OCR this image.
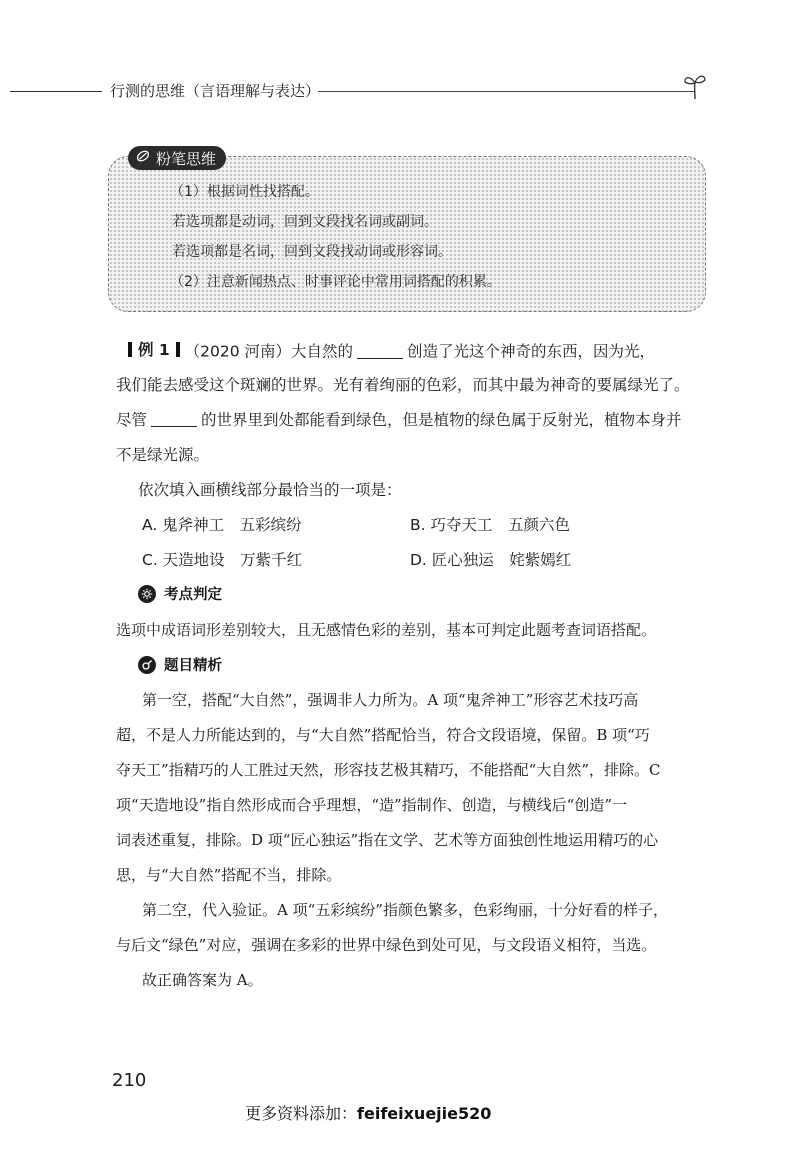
行测的思维（言语理解与表达）
粉笔思维
（1）根据词性找搭配。
若选项都是动词，回到文段找名词或副词。
若选项都是名词，回到文段找动词或形容词。
（2）注意新闻热点、时事评论中常用词搭配的积累。
例 1 （2020 河南）大自然的	创造了光这个神奇的东西，因为光，
我们能去感受这个斑斓的世界。光有着绚丽的色彩，而其中最为神奇的要属绿光了。
尽管	的世界里到处都能看到绿色，但是植物的绿色属于反射光，植物本身并
不是绿光源。
依次填入画横线部分最恰当的一项是：
A. 鬼斧神工　五彩缤纷	B. 巧夺天工　五颜六色
C. 天造地设　万紫千红	D. 匠心独运　姹紫嫣红
考点判定
选项中成语词形差别较大，且无感情色彩的差别，基本可判定此题考查词语搭配。
题目精析
第一空，搭配“大自然”，强调非人力所为。A 项“鬼斧神工”形容艺术技巧高
超，不是人力所能达到的，与“大自然”搭配恰当，符合文段语境，保留。B 项“巧
夺天工”指精巧的人工胜过天然，形容技艺极其精巧，不能搭配“大自然”，排除。C
项“天造地设”指自然形成而合乎理想，“造”指制作、创造，与横线后“创造”一
词表述重复，排除。D 项“匠心独运”指在文学、艺术等方面独创性地运用精巧的心
思，与“大自然”搭配不当，排除。
第二空，代入验证。A 项“五彩缤纷”指颜色繁多，色彩绚丽，十分好看的样子，
与后文“绿色”对应，强调在多彩的世界中绿色到处可见，与文段语义相符，当选。
故正确答案为 A。
210
更多资料添加：feifeixuejie520
